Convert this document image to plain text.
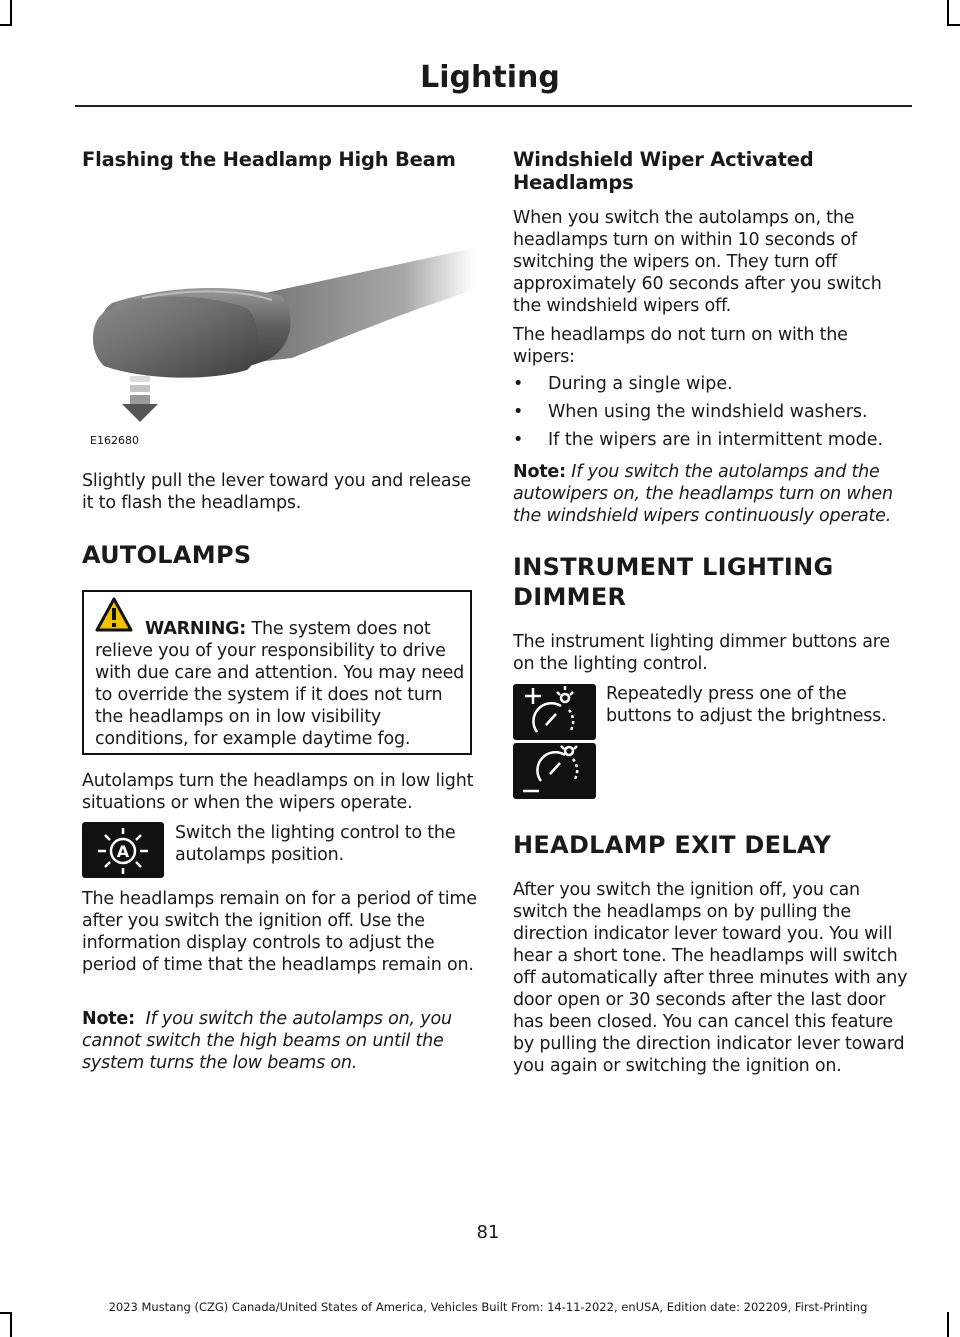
Lighting
Flashing the Headlamp High Beam
E162680
Slightly pull the lever toward you and release it to flash the headlamps.
AUTOLAMPS
WARNING: The system does not relieve you of your responsibility to drive with due care and attention. You may need to override the system if it does not turn the headlamps on in low visibility conditions, for example daytime fog.
Autolamps turn the headlamps on in low light situations or when the wipers operate.
A
Switch the lighting control to the autolamps position.
The headlamps remain on for a period of time after you switch the ignition off. Use the information display controls to adjust the period of time that the headlamps remain on.
Note: If you switch the autolamps on, you cannot switch the high beams on until the system turns the low beams on.
Windshield Wiper Activated Headlamps
When you switch the autolamps on, the headlamps turn on within 10 seconds of switching the wipers on. They turn off approximately 60 seconds after you switch the windshield wipers off.
The headlamps do not turn on with the wipers:
• During a single wipe.
• When using the windshield washers.
• If the wipers are in intermittent mode.
Note: If you switch the autolamps and the autowipers on, the headlamps turn on when the windshield wipers continuously operate.
INSTRUMENT LIGHTING
DIMMER
The instrument lighting dimmer buttons are on the lighting control.
Repeatedly press one of the buttons to adjust the brightness.
HEADLAMP EXIT DELAY
After you switch the ignition off, you can switch the headlamps on by pulling the direction indicator lever toward you. You will hear a short tone. The headlamps will switch off automatically after three minutes with any door open or 30 seconds after the last door has been closed. You can cancel this feature by pulling the direction indicator lever toward you again or switching the ignition on.
81
2023 Mustang (CZG) Canada/United States of America, Vehicles Built From: 14-11-2022, enUSA, Edition date: 202209, First-Printing
